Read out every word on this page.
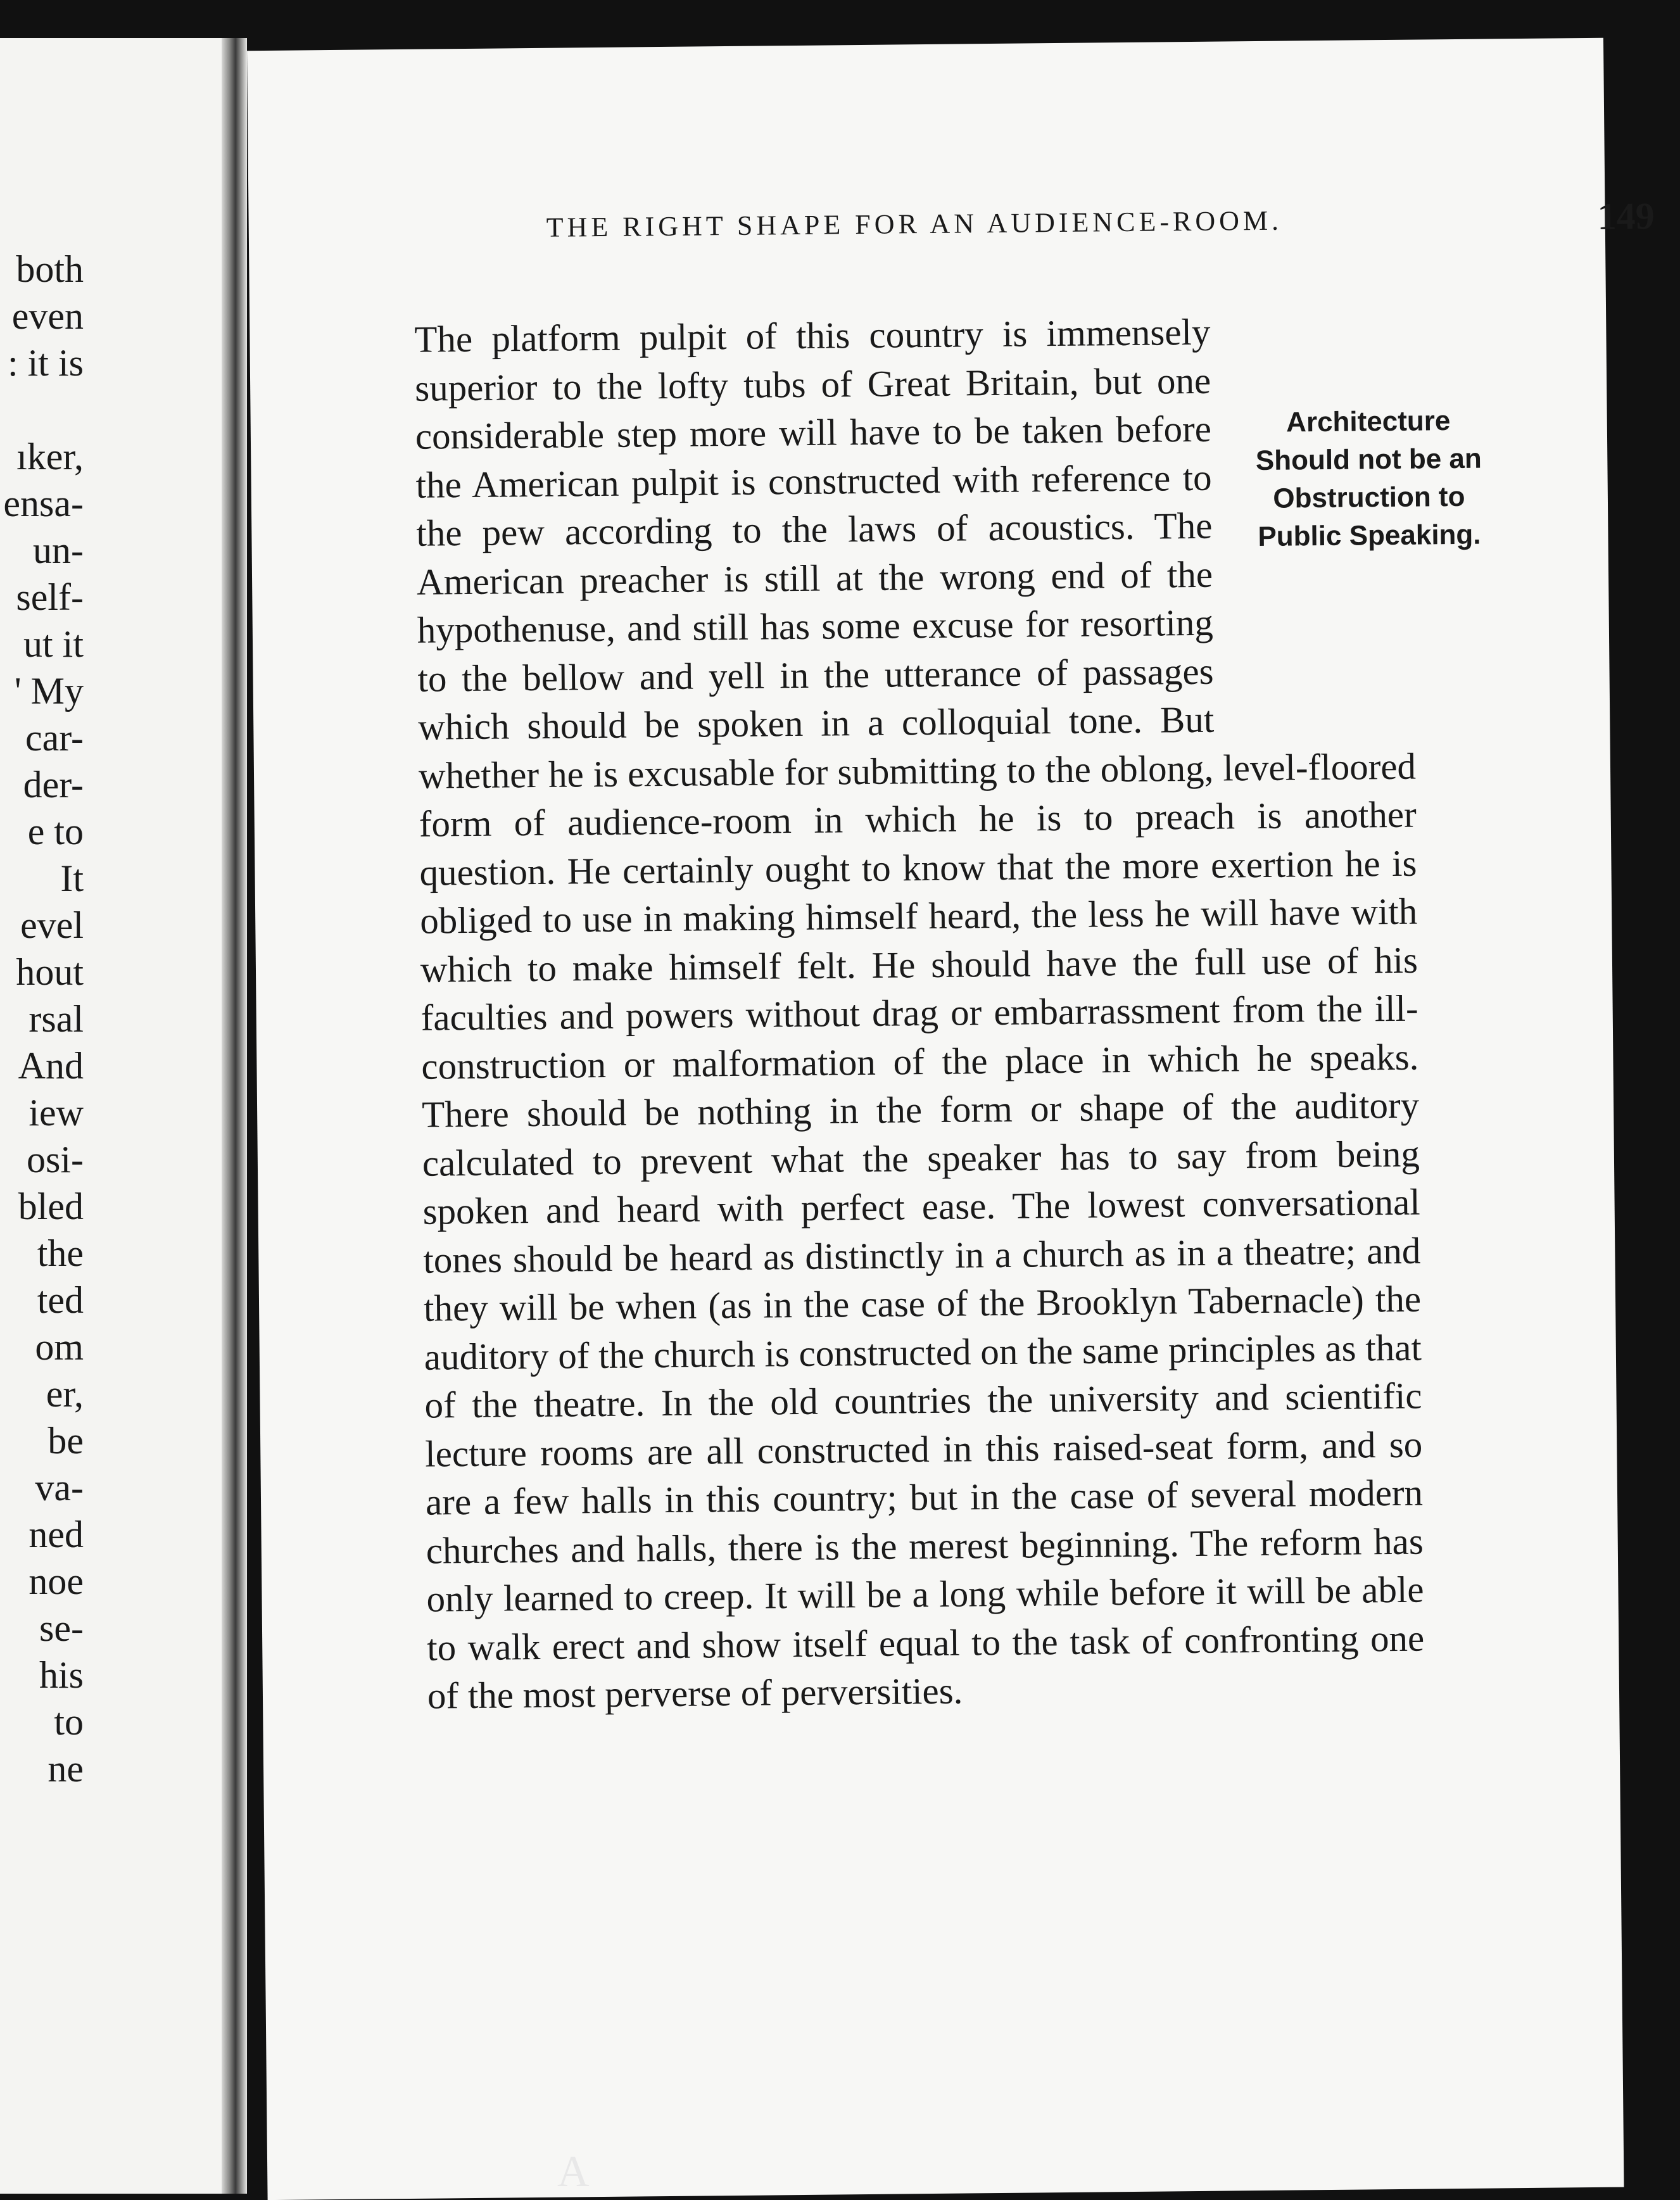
both
even
: it is
ıker,
ensa-
un-
self-
ut it
' My
car-
der-
e to
It
evel
hout
rsal
And
iew
osi-
bled
the
ted
om
er,
be
va-
ned
noe
se-
his
to
ne
THE RIGHT SHAPE FOR AN AUDIENCE-ROOM.	149
Architecture Should not be an Obstruction to Public Speaking.
The platform pulpit of this country is immensely superior to the lofty tubs of Great Britain, but one considerable step more will have to be taken before the American pulpit is constructed with reference to the pew according to the laws of acoustics. The American preacher is still at the wrong end of the hypothenuse, and still has some excuse for resorting to the bellow and yell in the utterance of passages which should be spoken in a colloquial tone. But whether he is excusable for submitting to the oblong, level-floored form of audience-room in which he is to preach is another question. He certainly ought to know that the more exertion he is obliged to use in making himself heard, the less he will have with which to make himself felt. He should have the full use of his faculties and powers without drag or embarrassment from the ill-construction or malformation of the place in which he speaks. There should be nothing in the form or shape of the auditory calculated to prevent what the speaker has to say from being spoken and heard with perfect ease. The lowest conversational tones should be heard as distinctly in a church as in a theatre; and they will be when (as in the case of the Brooklyn Tabernacle) the auditory of the church is constructed on the same principles as that of the theatre. In the old countries the university and scientific lecture rooms are all constructed in this raised-seat form, and so are a few halls in this country; but in the case of several modern churches and halls, there is the merest beginning. The reform has only learned to creep. It will be a long while before it will be able to walk erect and show itself equal to the task of confronting one of the most perverse of perversities.
A
